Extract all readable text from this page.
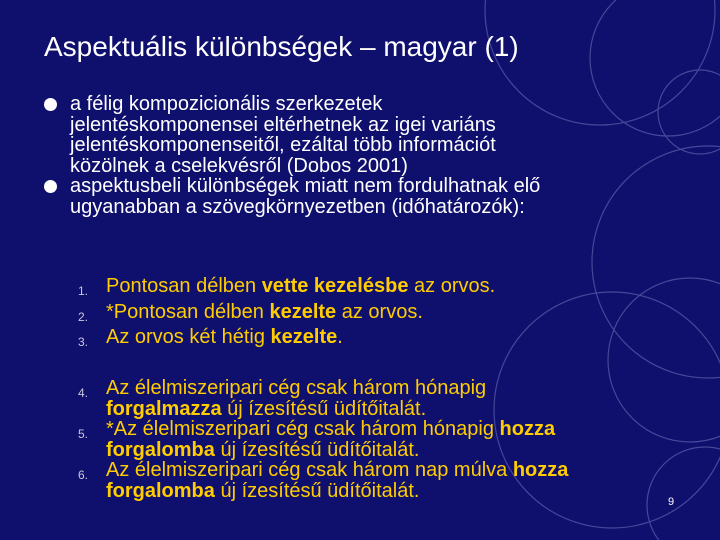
Aspektuális különbségek – magyar (1)
a félig kompozicionális szerkezetek
jelentéskomponensei eltérhetnek az igei variáns
jelentéskomponenseitől, ezáltal több információt
közölnek a cselekvésről (Dobos 2001)
aspektusbeli különbségek miatt nem fordulhatnak elő
ugyanabban a szövegkörnyezetben (időhatározók):
1. Pontosan délben vette kezelésbe az orvos.
2. *Pontosan délben kezelte az orvos.
3. Az orvos két hétig kezelte.
4. Az élelmiszeripari cég csak három hónapig
forgalmazza új ízesítésű üdítőitalát.
5. *Az élelmiszeripari cég csak három hónapig hozza
forgalomba új ízesítésű üdítőitalát.
6. Az élelmiszeripari cég csak három nap múlva hozza
forgalomba új ízesítésű üdítőitalát.
9
